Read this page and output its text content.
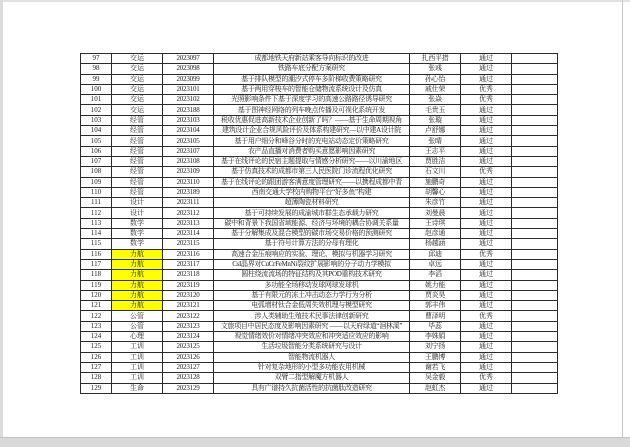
97	交运	2023097	成都地铁天府新站乘客导向标识的改进	扎西平措	通过	
98	交运	2023098	铁路车底分配方案研究	张彧	通过	
99	交运	2023099	基于排队模型的潮汐式停车多阶梯收费策略研究	孙心怡	通过	
100	交运	2023101	基于两用穿梭车的智能仓储物流系统设计及仿真	戚仕荣	优秀	
101	交运	2023102	光照影响条件下基于深度学习的高速公路路径诱导研究	张焱	优秀	
102	交运	2023188	基于图神经网络的列车晚点传播及可视化系统开发	毛贵玉	通过	
103	经管	2023103	税收优惠促进高新技术企业创新了吗？——基于生命周期视角	张璇	通过	
104	经管	2023104	建筑设计企业合规风险评价及体系构建研究—以中建A设计院	卢舒娜	通过	
105	经管	2023105	基于用户细分和峰谷分时的充电站动态定价策略研究	张晴	通过	
106	经管	2023107	农产品直播对消费者购买意愿影响因素研究	王志平	通过	
107	经管	2023108	基于在线评论的民宿主题提取与情感分析研究——以川渝地区	贾胜洁	通过	
108	经管	2023109	基于仿真技术的成都市第三人民医院门诊流程优化研究	石文川	优秀	
109	经管	2023110	基于在线评论的跟团游客满意度管理研究——以携程成都中青	施鹏奇	通过	
110	经管	2023189	西南交通大学校内购物平台“好多鱼”构建	胡馨心	通过	
111	设计	2023111	超薄陶瓷材料研究	朱彦竹	通过	
112	设计	2023112	基于可持续发展的成渝城市群生态承载力研究	刘曼晨	通过	
113	数学	2023113	碳中和背景下我国省域能源、经济与环境的耦合协调关系量	王诗琪	通过	
114	数学	2023114	基于分解集成及混合模型的碳市场交易价格的预测研究	赵彦通	通过	
115	数学	2023115	基于符号计算方法的分母有理化	杨越涵	通过	
116	力航	2023116	高速合金压痕响应的实验、理论、模拟与机器学习研究	邱迪	优秀	
117	力航	2023117	CsI晶界对CuCrFeMnNi裂纹扩展影响的分子动力学模拟	卓远	通过	
118	力航	2023118	圆柱绕流流场的特征结构及其POD重构技术研究	李滔	通过	
119	力航	2023119	多功能全场移动发球网球发球机	姚力能	通过	
120	力航	2023120	基于有限元的冻土冲击动态力学行为分析	贾炎昊	通过	
121	力航	2023121	电弧增材钛合金低周失效机理与模型研究	郭丰伟	通过	
122	公管	2023122	涉人类辅助生殖技术民事法律创新研究	曹泽明	优秀	
123	公管	2023123	文旅项目中居民态度及影响因素研究 ——以天府绿道“洄林溪”	毕蕊	通过	
124	心理	2023124	视觉情绪效价对情绪冲突效应和冲突适应效应的影响	李姝娟	通过	
125	工训	2023125	生活垃圾智能分类系统研究与设计	刘宁扬	通过	
126	工训	2023126	智能物流机器人	王鹏博	通过	
127	工训	2023127	针对复杂地形的小型多功能农用机械	谢若飞	通过	
128	工训	2023128	双臂二指型解魔方机器人	吴金毅	优秀	
129	生命	2023129	具有广谱持久抗菌活性的抗菌肽改造研究	赵虹杰	通过	
